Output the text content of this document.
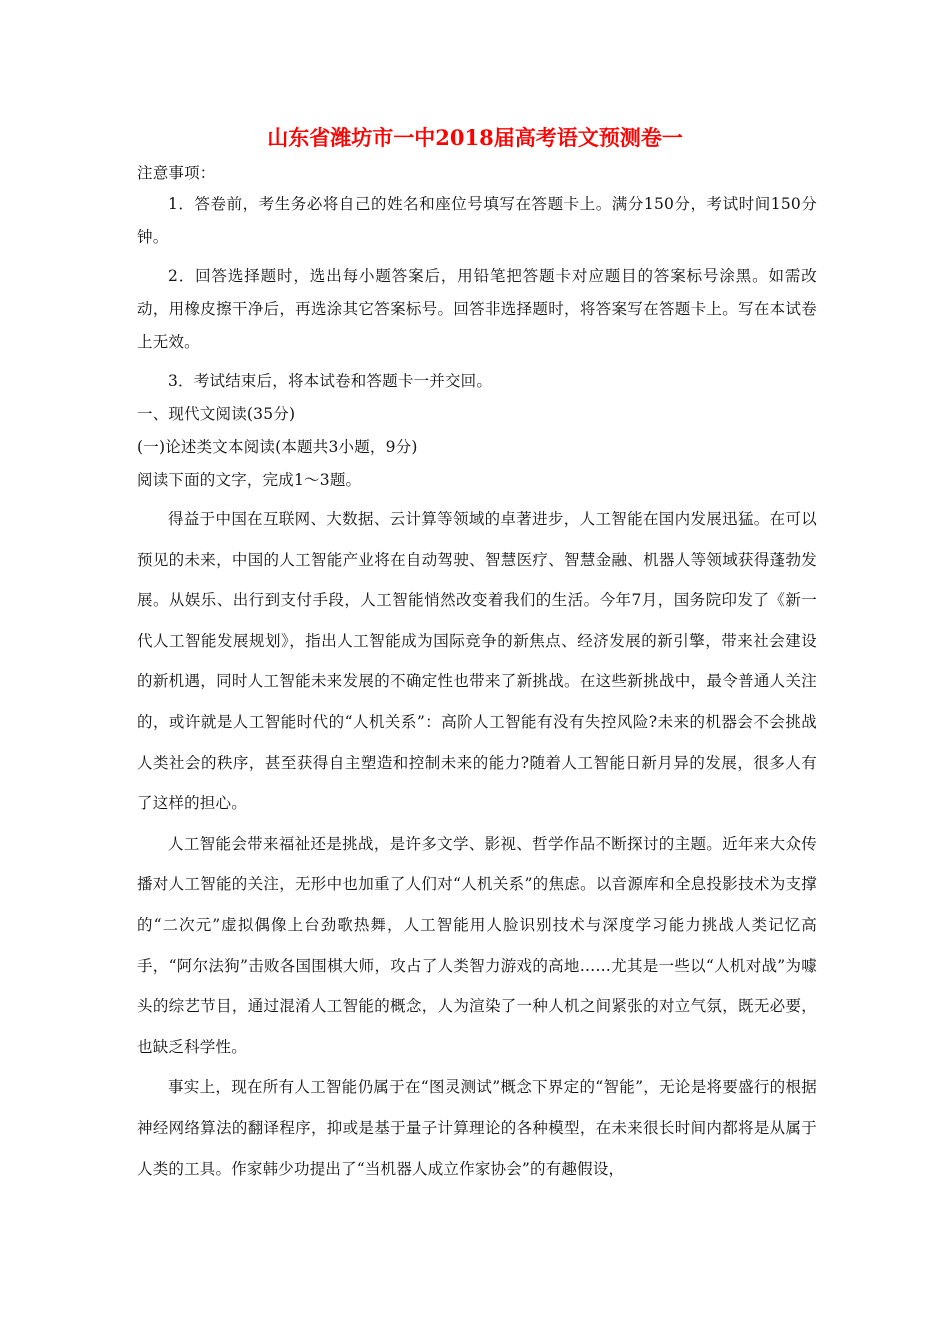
山东省潍坊市一中2018届高考语文预测卷一

注意事项：

1．答卷前，考生务必将自己的姓名和座位号填写在答题卡上。满分150分，考试时间150分钟。

2．回答选择题时，选出每小题答案后，用铅笔把答题卡对应题目的答案标号涂黑。如需改动，用橡皮擦干净后，再选涂其它答案标号。回答非选择题时，将答案写在答题卡上。写在本试卷上无效。

3．考试结束后，将本试卷和答题卡一并交回。

一、现代文阅读(35分)

(一)论述类文本阅读(本题共3小题，9分)

阅读下面的文字，完成1～3题。

得益于中国在互联网、大数据、云计算等领域的卓著进步，人工智能在国内发展迅猛。在可以预见的未来，中国的人工智能产业将在自动驾驶、智慧医疗、智慧金融、机器人等领域获得蓬勃发展。从娱乐、出行到支付手段，人工智能悄然改变着我们的生活。今年7月，国务院印发了《新一代人工智能发展规划》，指出人工智能成为国际竞争的新焦点、经济发展的新引擎，带来社会建设的新机遇，同时人工智能未来发展的不确定性也带来了新挑战。在这些新挑战中，最令普通人关注的，或许就是人工智能时代的“人机关系”：高阶人工智能有没有失控风险?未来的机器会不会挑战人类社会的秩序，甚至获得自主塑造和控制未来的能力?随着人工智能日新月异的发展，很多人有了这样的担心。

人工智能会带来福祉还是挑战，是许多文学、影视、哲学作品不断探讨的主题。近年来大众传播对人工智能的关注，无形中也加重了人们对“人机关系”的焦虑。以音源库和全息投影技术为支撑的“二次元”虚拟偶像上台劲歌热舞，人工智能用人脸识别技术与深度学习能力挑战人类记忆高手，“阿尔法狗”击败各国围棋大师，攻占了人类智力游戏的高地……尤其是一些以“人机对战”为噱头的综艺节目，通过混淆人工智能的概念，人为渲染了一种人机之间紧张的对立气氛，既无必要，也缺乏科学性。

事实上，现在所有人工智能仍属于在“图灵测试”概念下界定的“智能”，无论是将要盛行的根据神经网络算法的翻译程序，抑或是基于量子计算理论的各种模型，在未来很长时间内都将是从属于人类的工具。作家韩少功提出了“当机器人成立作家协会”的有趣假设，
